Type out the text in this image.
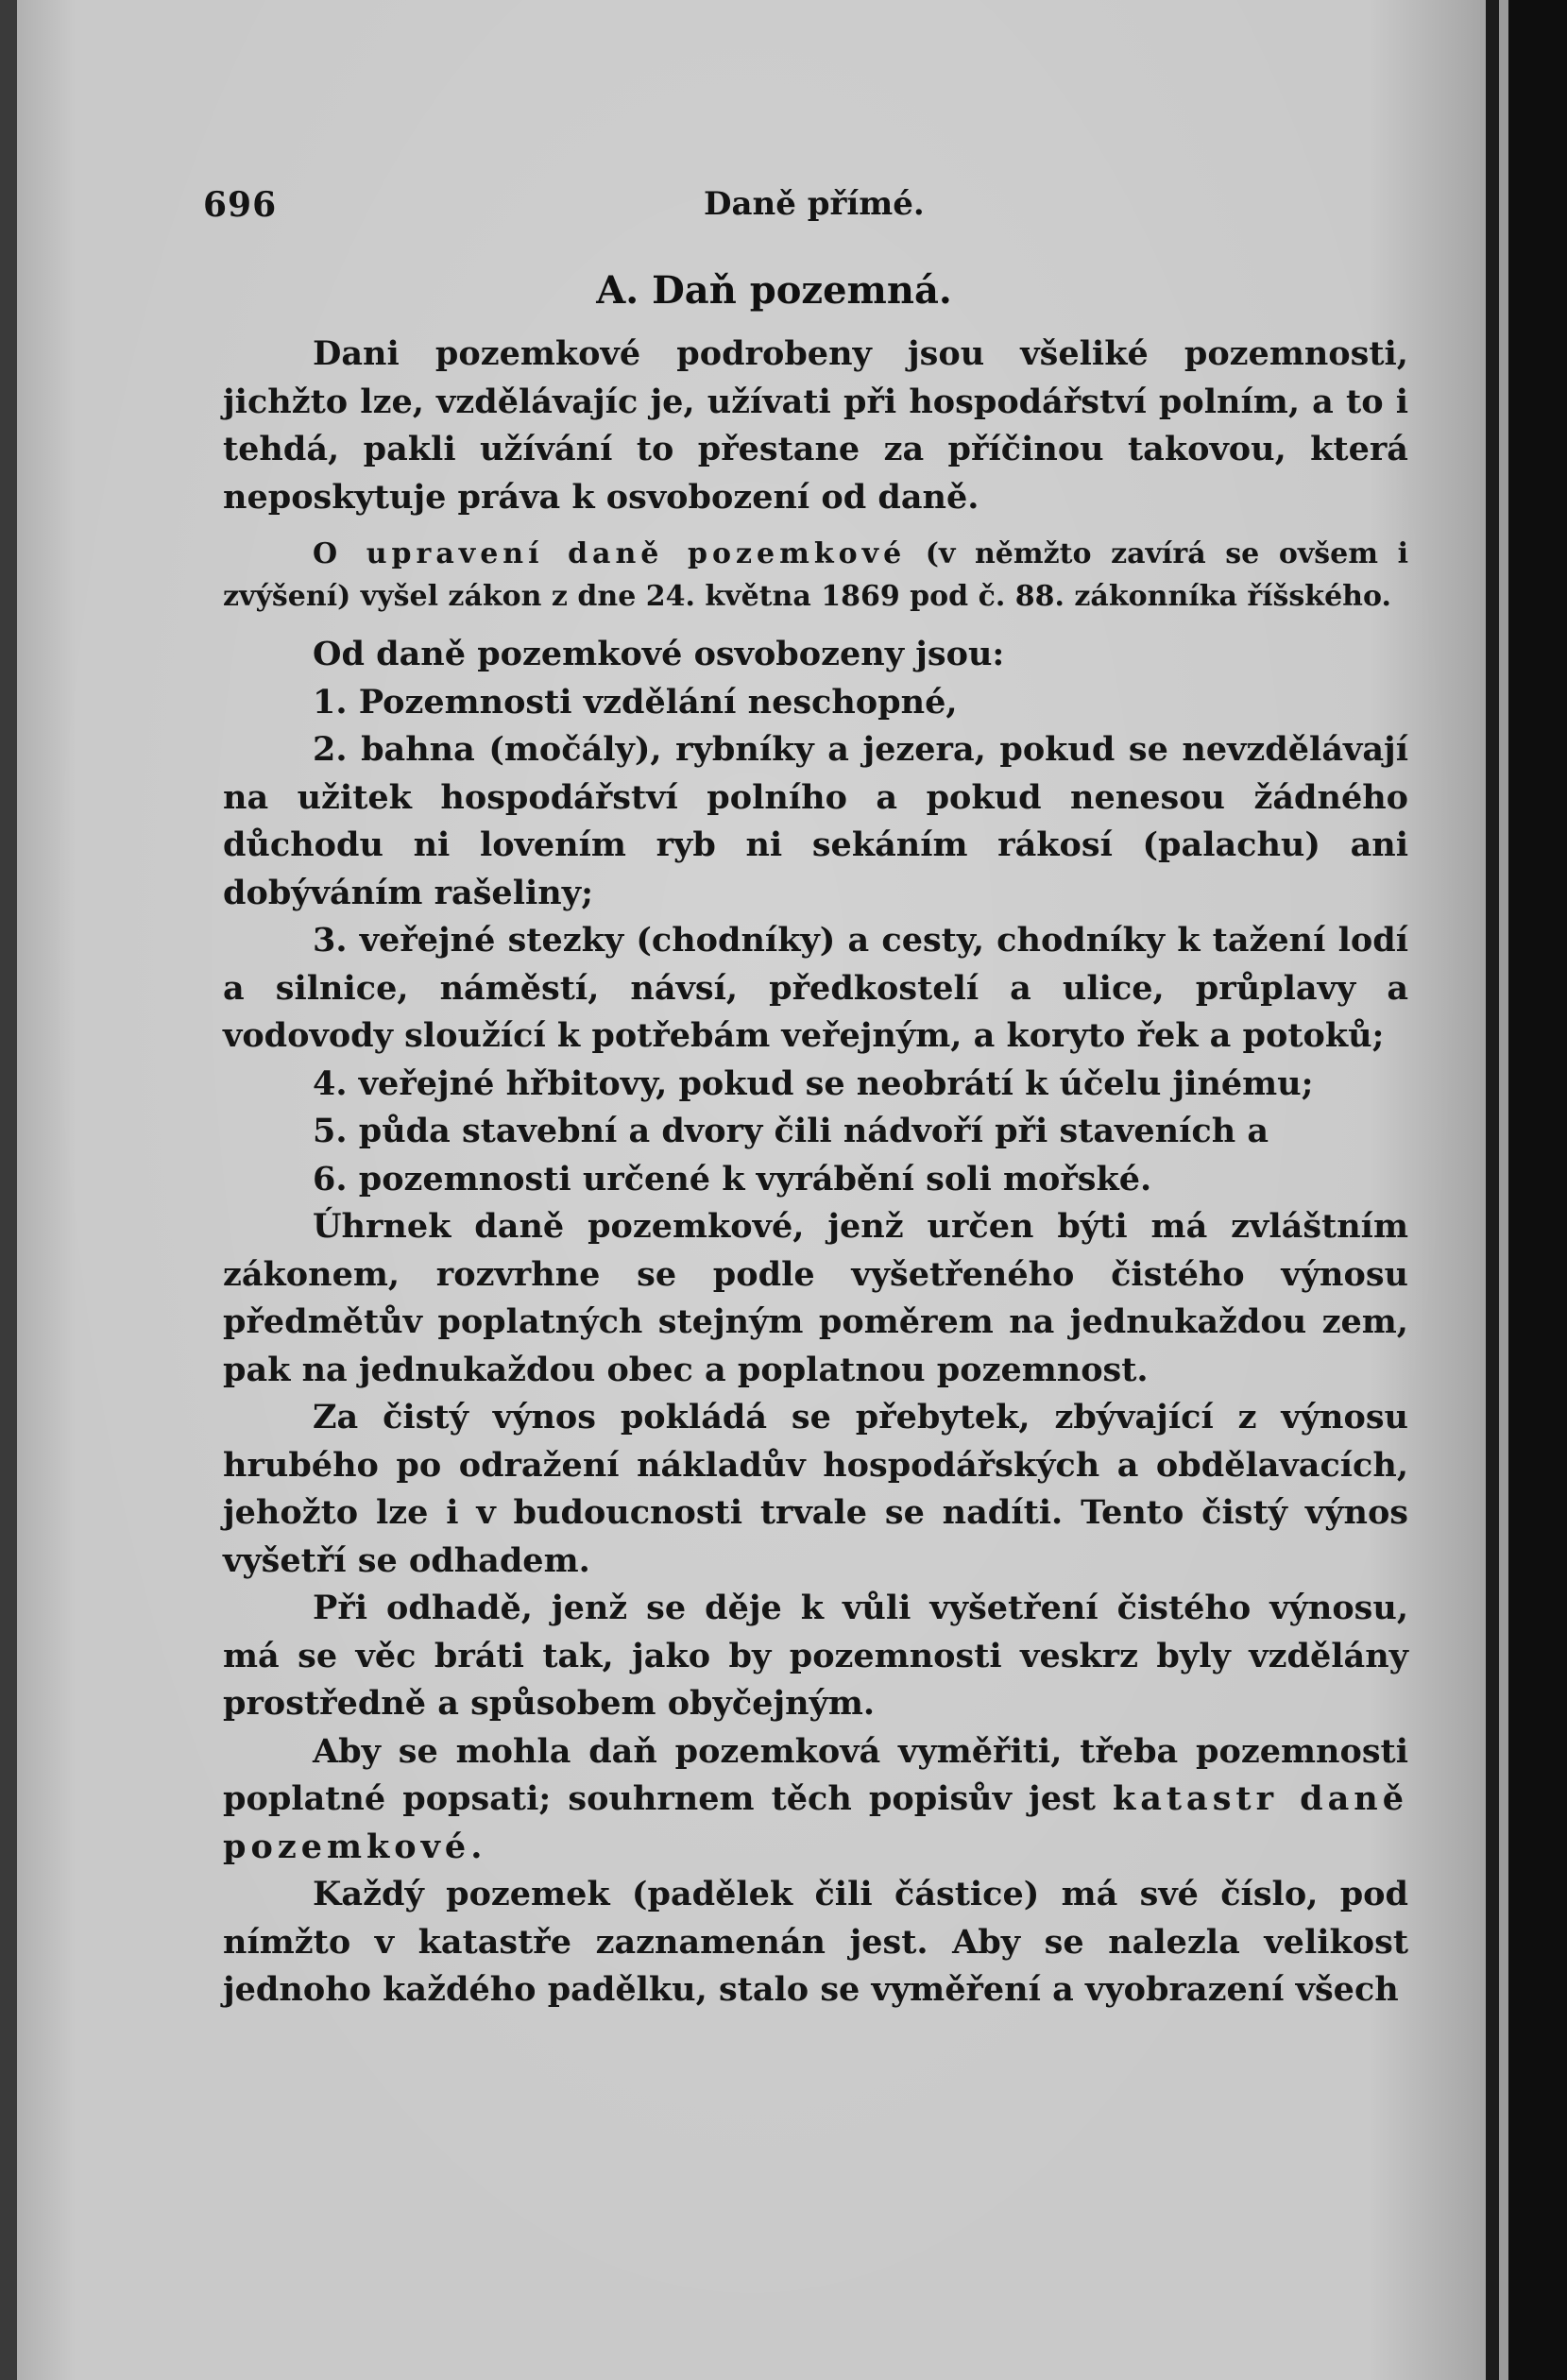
696	Daně přímé.
A. Daň pozemná.

Dani pozemkové podrobeny jsou všeliké pozemnosti, jichžto lze, vzdělávajíc je, užívati při hospodářství polním, a to i tehdá, pakli užívání to přestane za příčinou takovou, která neposkytuje práva k osvobození od daně.

O upravení daně pozemkové (v němžto zavírá se ovšem i zvýšení) vyšel zákon z dne 24. května 1869 pod č. 88. zákonníka říšského.

Od daně pozemkové osvobozeny jsou:

1. Pozemnosti vzdělání neschopné,

2. bahna (močály), rybníky a jezera, pokud se nevzdělávají na užitek hospodářství polního a pokud nenesou žádného důchodu ni lovením ryb ni sekáním rákosí (palachu) ani dobýváním rašeliny;

3. veřejné stezky (chodníky) a cesty, chodníky k tažení lodí a silnice, náměstí, návsí, předkostelí a ulice, průplavy a vodovody sloužící k potřebám veřejným, a koryto řek a potoků;

4. veřejné hřbitovy, pokud se neobrátí k účelu jinému;

5. půda stavební a dvory čili nádvoří při staveních a

6. pozemnosti určené k vyrábění soli mořské.

Úhrnek daně pozemkové, jenž určen býti má zvláštním zákonem, rozvrhne se podle vyšetřeného čistého výnosu předmětův poplatných stejným poměrem na jednukaždou zem, pak na jednukaždou obec a poplatnou pozemnost.

Za čistý výnos pokládá se přebytek, zbývající z výnosu hrubého po odražení nákladův hospodářských a obdělavacích, jehožto lze i v budoucnosti trvale se nadíti. Tento čistý výnos vyšetří se odhadem.

Při odhadě, jenž se děje k vůli vyšetření čistého výnosu, má se věc bráti tak, jako by pozemnosti veskrz byly vzdělány prostředně a spůsobem obyčejným.

Aby se mohla daň pozemková vyměřiti, třeba pozemnosti poplatné popsati; souhrnem těch popisův jest katastr daně pozemkové.

Každý pozemek (padělek čili částice) má své číslo, pod nímžto v katastře zaznamenán jest. Aby se nalezla velikost jednoho každého padělku, stalo se vyměření a vyobrazení všech
